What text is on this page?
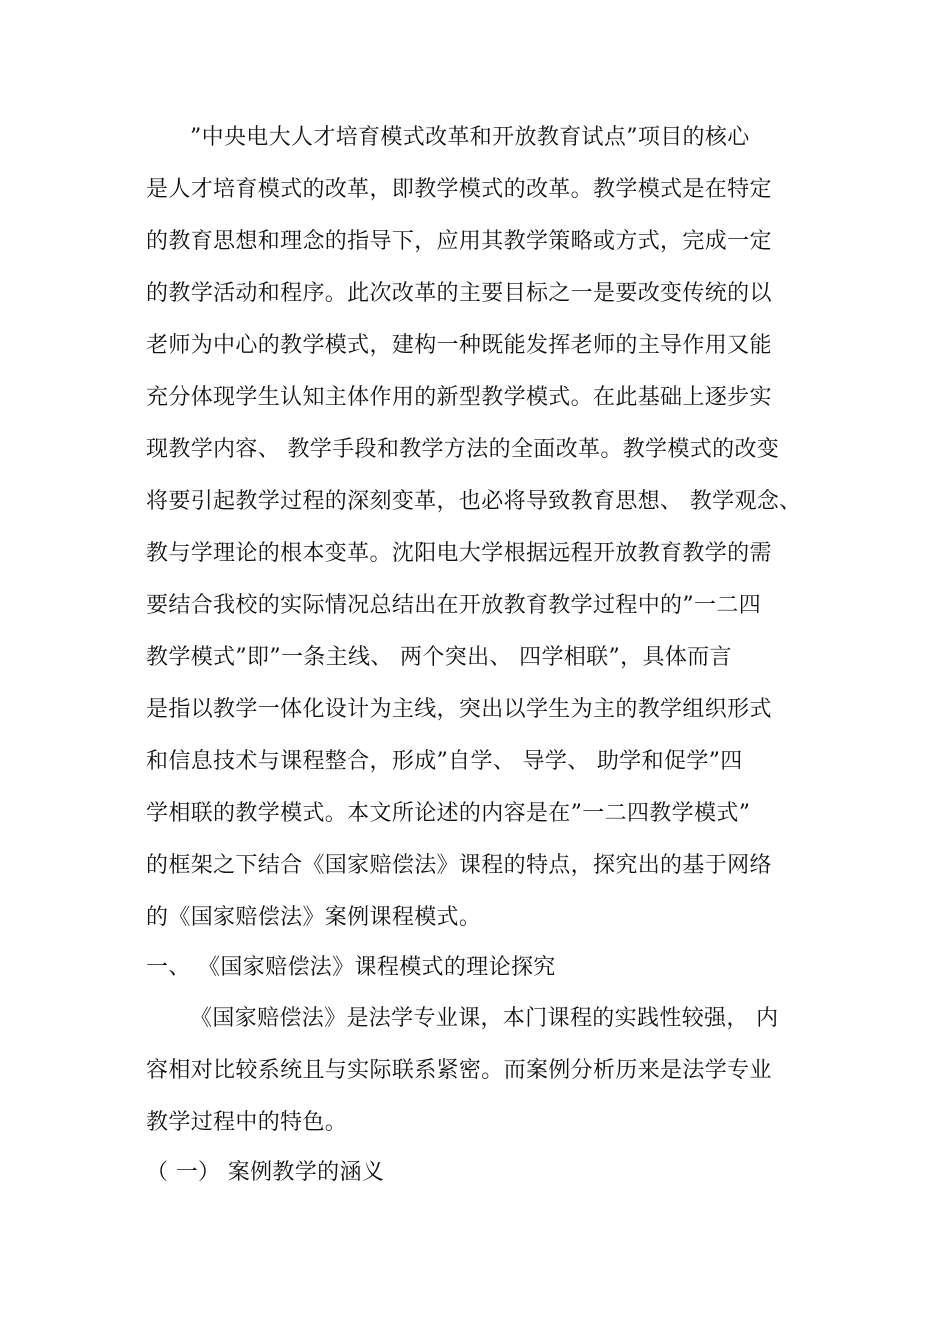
”中央电大人才培育模式改革和开放教育试点”项目的核心
是人才培育模式的改革，即教学模式的改革。教学模式是在特定
的教育思想和理念的指导下，应用其教学策略或方式，完成一定
的教学活动和程序。此次改革的主要目标之一是要改变传统的以
老师为中心的教学模式，建构一种既能发挥老师的主导作用又能
充分体现学生认知主体作用的新型教学模式。在此基础上逐步实
现教学内容、 教学手段和教学方法的全面改革。教学模式的改变
将要引起教学过程的深刻变革，也必将导致教育思想、 教学观念、
教与学理论的根本变革。沈阳电大学根据远程开放教育教学的需
要结合我校的实际情况总结出在开放教育教学过程中的”一二四
教学模式”即”一条主线、 两个突出、 四学相联”，具体而言
是指以教学一体化设计为主线，突出以学生为主的教学组织形式
和信息技术与课程整合，形成”自学、 导学、 助学和促学”四
学相联的教学模式。本文所论述的内容是在”一二四教学模式”
的框架之下结合《国家赔偿法》课程的特点，探究出的基于网络
的《国家赔偿法》案例课程模式。
一、 《国家赔偿法》课程模式的理论探究
《国家赔偿法》是法学专业课，本门课程的实践性较强， 内
容相对比较系统且与实际联系紧密。而案例分析历来是法学专业
教学过程中的特色。
（ 一） 案例教学的涵义
